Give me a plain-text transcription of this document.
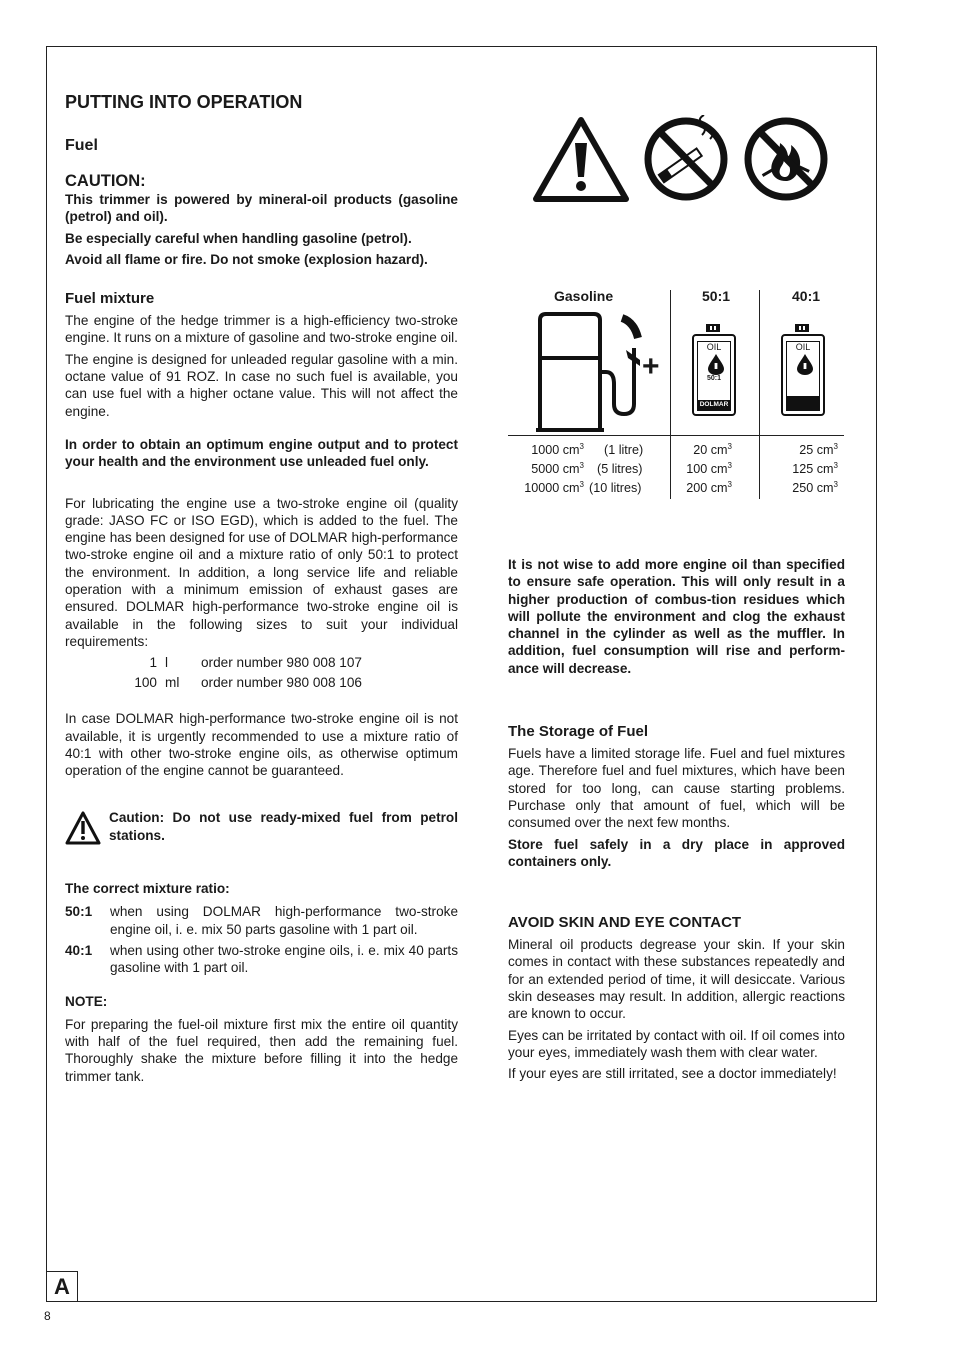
PUTTING INTO OPERATION
Fuel
CAUTION:

This trimmer is powered by mineral-oil products (gasoline (petrol) and oil).

Be especially careful when handling gasoline (petrol).

Avoid all flame or fire. Do not smoke (explosion hazard).

Fuel mixture

The engine of the hedge trimmer is a high-efficiency two-stroke engine. It runs on a mixture of gasoline and two-stroke engine oil.

The engine is designed for unleaded regular gasoline with a min. octane value of 91 ROZ. In case no such fuel is available, you can use fuel with a higher octane value. This will not affect the engine.

In order to obtain an optimum engine output and to protect your health and the environment use unleaded fuel only.

For lubricating the engine use a two-stroke engine oil (quality grade: JASO FC or ISO EGD), which is added to the fuel. The engine has been designed for use of DOLMAR high-performance two-stroke engine oil and a mixture ratio of only 50:1 to protect the environment. In addition, a long service life and reliable operation with a minimum emission of exhaust gases are ensured. DOLMAR high-performance two-stroke engine oil is available in the following sizes to suit your individual requirements:

1 l	order number 980 008 107
100 ml	order number 980 008 106

In case DOLMAR high-performance two-stroke engine oil is not available, it is urgently recommended to use a mixture ratio of 40:1 with other two-stroke engine oils, as otherwise optimum operation of the engine cannot be guaranteed.

Caution: Do not use ready-mixed fuel from petrol stations.

The correct mixture ratio:

50:1	when using DOLMAR high-performance two-stroke engine oil, i. e. mix 50 parts gasoline with 1 part oil.
40:1	when using other two-stroke engine oils, i. e. mix 40 parts gasoline with 1 part oil.

NOTE:

For preparing the fuel-oil mixture first mix the entire oil quantity with half of the fuel required, then add the remaining fuel. Thoroughly shake the mixture before filling it into the hedge trimmer tank.

Gasoline	50:1	40:1
+
OIL
50:1
DOLMAR
OIL
1000 $cm^3$ (1 litre)	20 $cm^3$	25 $cm^3$
5000 $cm^3$ (5 litres)	100 $cm^3$	125 $cm^3$
10000 $cm^3$ (10 litres)	200 $cm^3$	250 $cm^3$

It is not wise to add more engine oil than specified to ensure safe operation. This will only result in a higher production of combus-tion residues which will pollute the environment and clog the exhaust channel in the cylinder as well as the muffler. In addition, fuel consumption will rise and perform-ance will decrease.

The Storage of Fuel

Fuels have a limited storage life. Fuel and fuel mixtures age. Therefore fuel and fuel mixtures, which have been stored for too long, can cause starting problems. Purchase only that amount of fuel, which will be consumed over the next few months.

Store fuel safely in a dry place in approved containers only.

AVOID SKIN AND EYE CONTACT

Mineral oil products degrease your skin. If your skin comes in contact with these substances repeatedly and for an extended period of time, it will desiccate. Various skin deseases may result. In addition, allergic reactions are known to occur.

Eyes can be irritated by contact with oil. If oil comes into your eyes, immediately wash them with clear water.

If your eyes are still irritated, see a doctor immediately!

A
8
